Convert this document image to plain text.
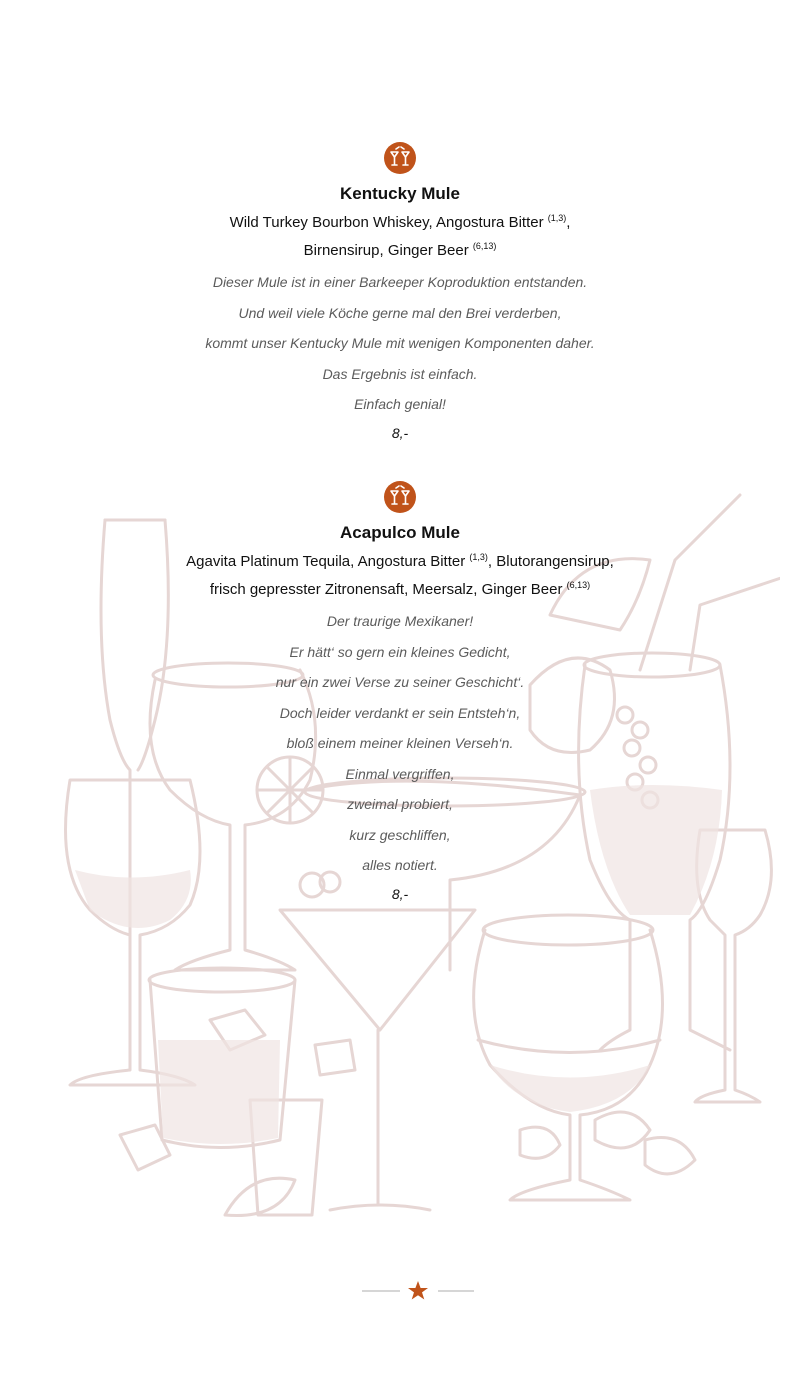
Kentucky Mule
Wild Turkey Bourbon Whiskey, Angostura Bitter $^{(1,3)}$,
Birnensirup, Ginger Beer $^{(6,13)}$
Dieser Mule ist in einer Barkeeper Koproduktion entstanden.
Und weil viele Köche gerne mal den Brei verderben,
kommt unser Kentucky Mule mit wenigen Komponenten daher.
Das Ergebnis ist einfach.
Einfach genial!
8,-
Acapulco Mule
Agavita Platinum Tequila, Angostura Bitter $^{(1,3)}$, Blutorangensirup,
frisch gepresster Zitronensaft, Meersalz, Ginger Beer $^{(6,13)}$
Der traurige Mexikaner!
Er hätt‘ so gern ein kleines Gedicht,
nur ein zwei Verse zu seiner Geschicht‘.
Doch leider verdankt er sein Entsteh‘n,
bloß einem meiner kleinen Verseh‘n.
Einmal vergriffen,
zweimal probiert,
kurz geschliffen,
alles notiert.
8,-
